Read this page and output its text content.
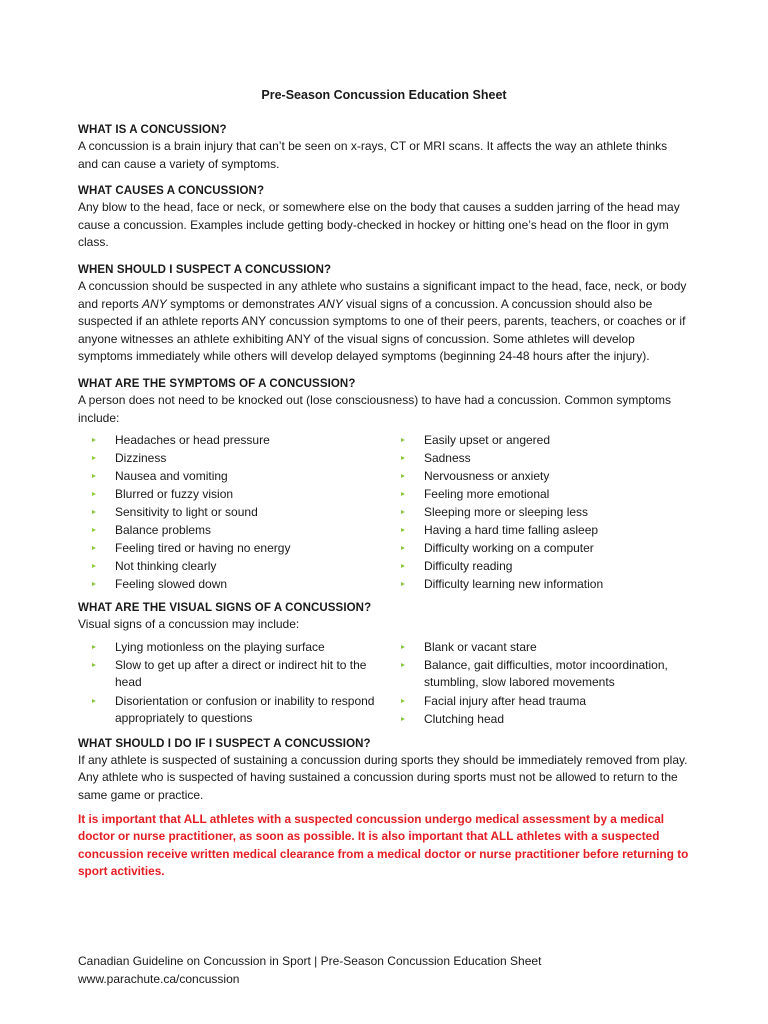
Pre-Season Concussion Education Sheet
WHAT IS A CONCUSSION?

A concussion is a brain injury that can’t be seen on x-rays, CT or MRI scans. It affects the way an athlete thinks and can cause a variety of symptoms.

WHAT CAUSES A CONCUSSION?

Any blow to the head, face or neck, or somewhere else on the body that causes a sudden jarring of the head may cause a concussion. Examples include getting body-checked in hockey or hitting one’s head on the floor in gym class.

WHEN SHOULD I SUSPECT A CONCUSSION?

A concussion should be suspected in any athlete who sustains a significant impact to the head, face, neck, or body and reports ANY symptoms or demonstrates ANY visual signs of a concussion. A concussion should also be suspected if an athlete reports ANY concussion symptoms to one of their peers, parents, teachers, or coaches or if anyone witnesses an athlete exhibiting ANY of the visual signs of concussion. Some athletes will develop symptoms immediately while others will develop delayed symptoms (beginning 24-48 hours after the injury).

WHAT ARE THE SYMPTOMS OF A CONCUSSION?

A person does not need to be knocked out (lose consciousness) to have had a concussion. Common symptoms include:

Headaches or head pressure
Dizziness
Nausea and vomiting
Blurred or fuzzy vision
Sensitivity to light or sound
Balance problems
Feeling tired or having no energy
Not thinking clearly
Feeling slowed down
Easily upset or angered
Sadness
Nervousness or anxiety
Feeling more emotional
Sleeping more or sleeping less
Having a hard time falling asleep
Difficulty working on a computer
Difficulty reading
Difficulty learning new information
WHAT ARE THE VISUAL SIGNS OF A CONCUSSION?

Visual signs of a concussion may include:

Lying motionless on the playing surface
Slow to get up after a direct or indirect hit to the head
Disorientation or confusion or inability to respond appropriately to questions
Blank or vacant stare
Balance, gait difficulties, motor incoordination, stumbling, slow labored movements
Facial injury after head trauma
Clutching head
WHAT SHOULD I DO IF I SUSPECT A CONCUSSION?

If any athlete is suspected of sustaining a concussion during sports they should be immediately removed from play. Any athlete who is suspected of having sustained a concussion during sports must not be allowed to return to the same game or practice.

It is important that ALL athletes with a suspected concussion undergo medical assessment by a medical doctor or nurse practitioner, as soon as possible. It is also important that ALL athletes with a suspected concussion receive written medical clearance from a medical doctor or nurse practitioner before returning to sport activities.

Canadian Guideline on Concussion in Sport | Pre-Season Concussion Education Sheet
www.parachute.ca/concussion
